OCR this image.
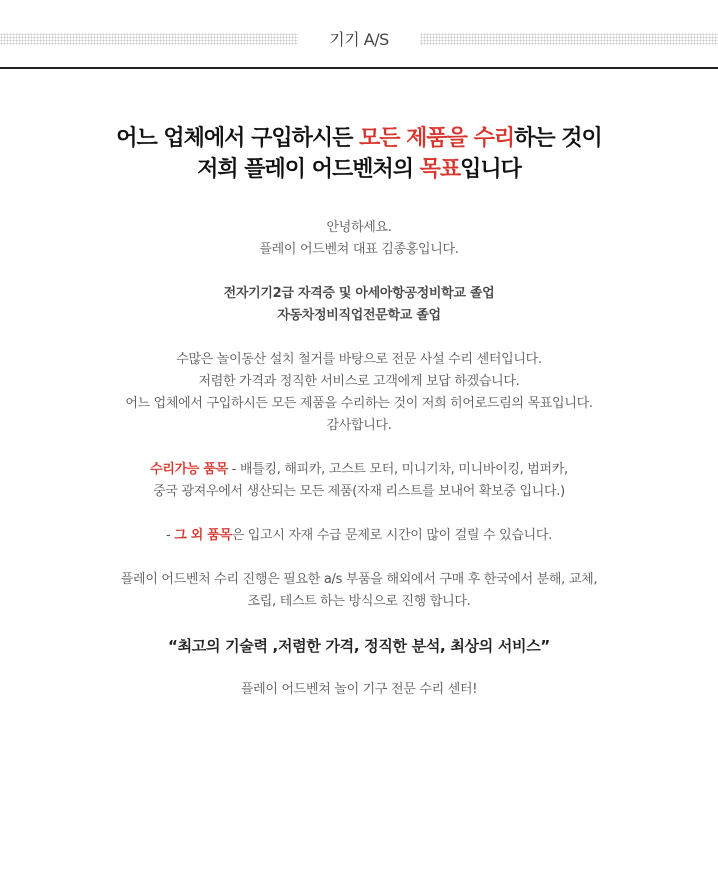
기기 A/S
어느 업체에서 구입하시든 모든 제품을 수리하는 것이
저희 플레이 어드벤처의 목표입니다
안녕하세요.
플레이 어드벤쳐 대표 김종홍입니다.
전자기기2급 자격증 및 아세아항공정비학교 졸업
자동차정비직업전문학교 졸업
수많은 놀이동산 설치 철거를 바탕으로 전문 사설 수리 센터입니다.
저렴한 가격과 정직한 서비스로 고객에게 보답 하겠습니다.
어느 업체에서 구입하시든 모든 제품을 수리하는 것이 저희 히어로드림의 목표입니다.
감사합니다.
수리가능 품목 - 배틀킹, 해피카, 고스트 모터, 미니기차, 미니바이킹, 범퍼카,
중국 광져우에서 생산되는 모든 제품(자재 리스트를 보내어 확보중 입니다.)
- 그 외 품목은 입고시 자재 수급 문제로 시간이 많이 걸릴 수 있습니다.
플레이 어드벤처 수리 진행은 필요한 a/s 부품을 해외에서 구매 후 한국에서 분해, 교체,
조립, 테스트 하는 방식으로 진행 합니다.
“최고의 기술력 ,저렴한 가격, 정직한 분석, 최상의 서비스”
플레이 어드벤쳐 놀이 기구 전문 수리 센터!
